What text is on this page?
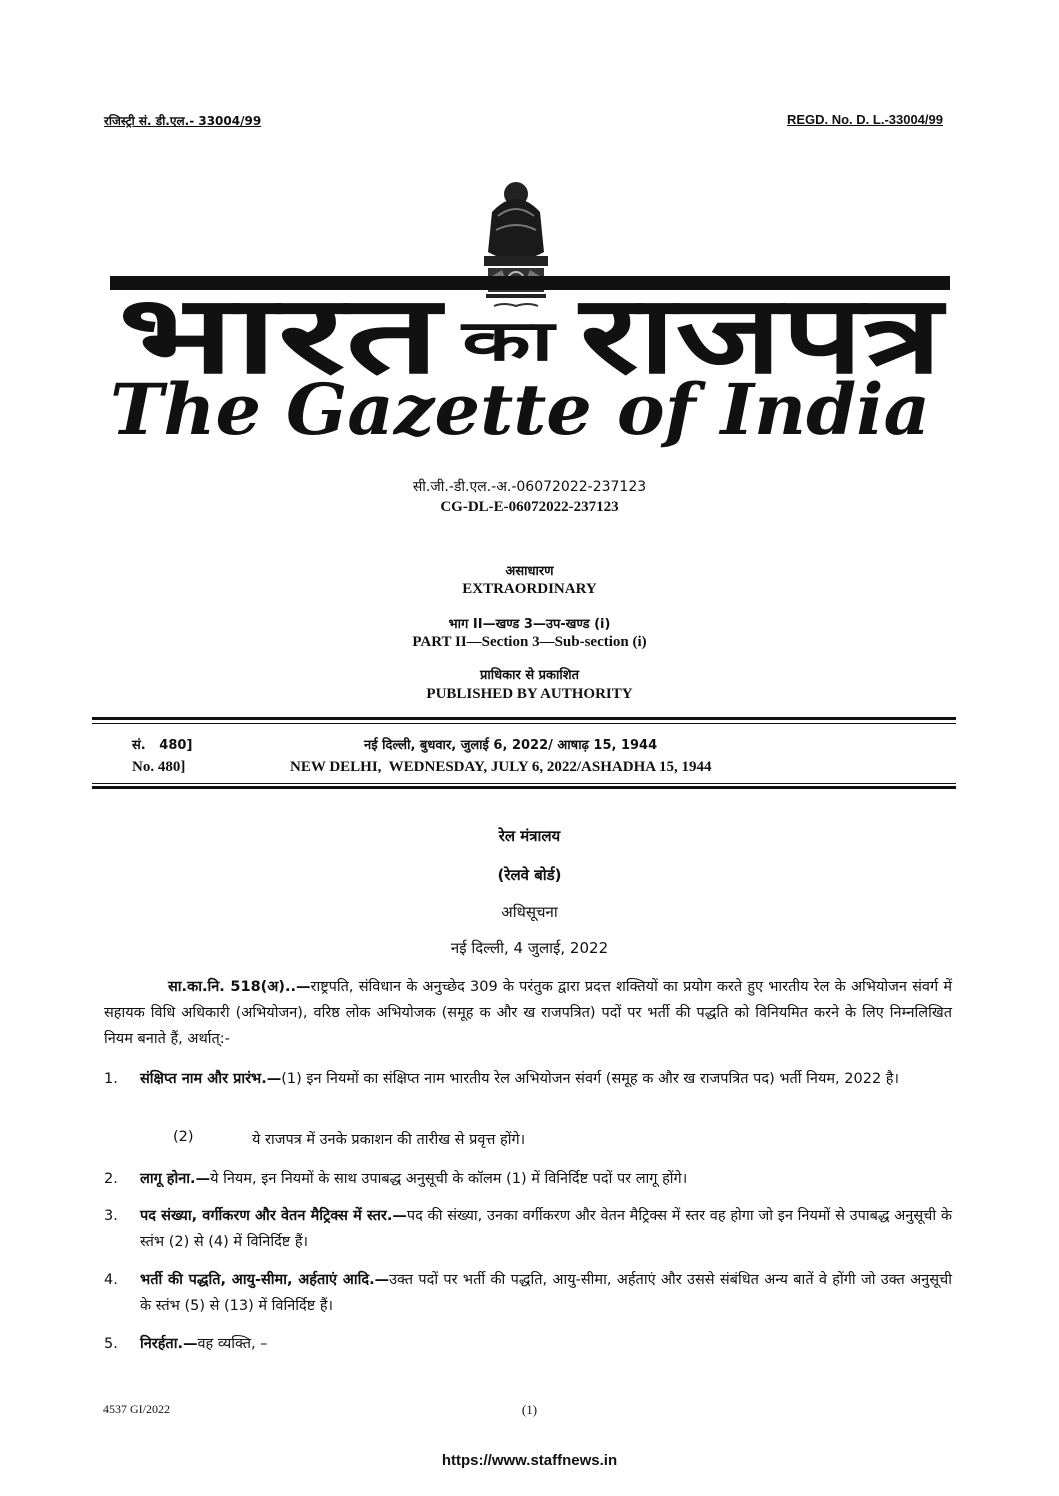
रजिस्ट्री सं. डी.एल.- 33004/99	REGD. No. D. L.-33004/99
भारत का राजपत्र
The Gazette of India
सी.जी.-डी.एल.-अ.-06072022-237123
CG-DL-E-06072022-237123
असाधारण
EXTRAORDINARY
भाग II—खण्ड 3—उप-खण्ड (i)
PART II—Section 3—Sub-section (i)
प्राधिकार से प्रकाशित
PUBLISHED BY AUTHORITY
सं.   480]	नई दिल्ली, बुधवार, जुलाई 6, 2022/ आषाढ़ 15, 1944
No. 480]	NEW DELHI,  WEDNESDAY, JULY 6, 2022/ASHADHA 15, 1944
रेल मंत्रालय
(रेलवे बोर्ड)
अधिसूचना
नई दिल्ली, 4 जुलाई, 2022
सा.का.नि. 518(अ)..—राष्ट्रपति, संविधान के अनुच्छेद 309 के परंतुक द्वारा प्रदत्त शक्तियों का प्रयोग करते हुए भारतीय रेल के अभियोजन संवर्ग में सहायक विधि अधिकारी (अभियोजन), वरिष्ठ लोक अभियोजक (समूह क और ख राजपत्रित) पदों पर भर्ती की पद्धति को विनियमित करने के लिए निम्नलिखित नियम बनाते हैं, अर्थात्:-
1. संक्षिप्त नाम और प्रारंभ.—(1) इन नियमों का संक्षिप्त नाम भारतीय रेल अभियोजन संवर्ग (समूह क और ख राजपत्रित पद) भर्ती नियम, 2022 है।
(2)	ये राजपत्र में उनके प्रकाशन की तारीख से प्रवृत्त होंगे।
2. लागू होना.—ये नियम, इन नियमों के साथ उपाबद्ध अनुसूची के कॉलम (1) में विनिर्दिष्ट पदों पर लागू होंगे।
3. पद संख्या, वर्गीकरण और वेतन मैट्रिक्स में स्तर.—पद की संख्या, उनका वर्गीकरण और वेतन मैट्रिक्स में स्तर वह होगा जो इन नियमों से उपाबद्ध अनुसूची के स्तंभ (2) से (4) में विनिर्दिष्ट हैं।
4. भर्ती की पद्धति, आयु-सीमा, अर्हताएं आदि.—उक्त पदों पर भर्ती की पद्धति, आयु-सीमा, अर्हताएं और उससे संबंधित अन्य बातें वे होंगी जो उक्त अनुसूची के स्तंभ (5) से (13) में विनिर्दिष्ट हैं।
5. निरर्हता.—वह व्यक्ति, –
4537 GI/2022	(1)
https://www.staffnews.in
